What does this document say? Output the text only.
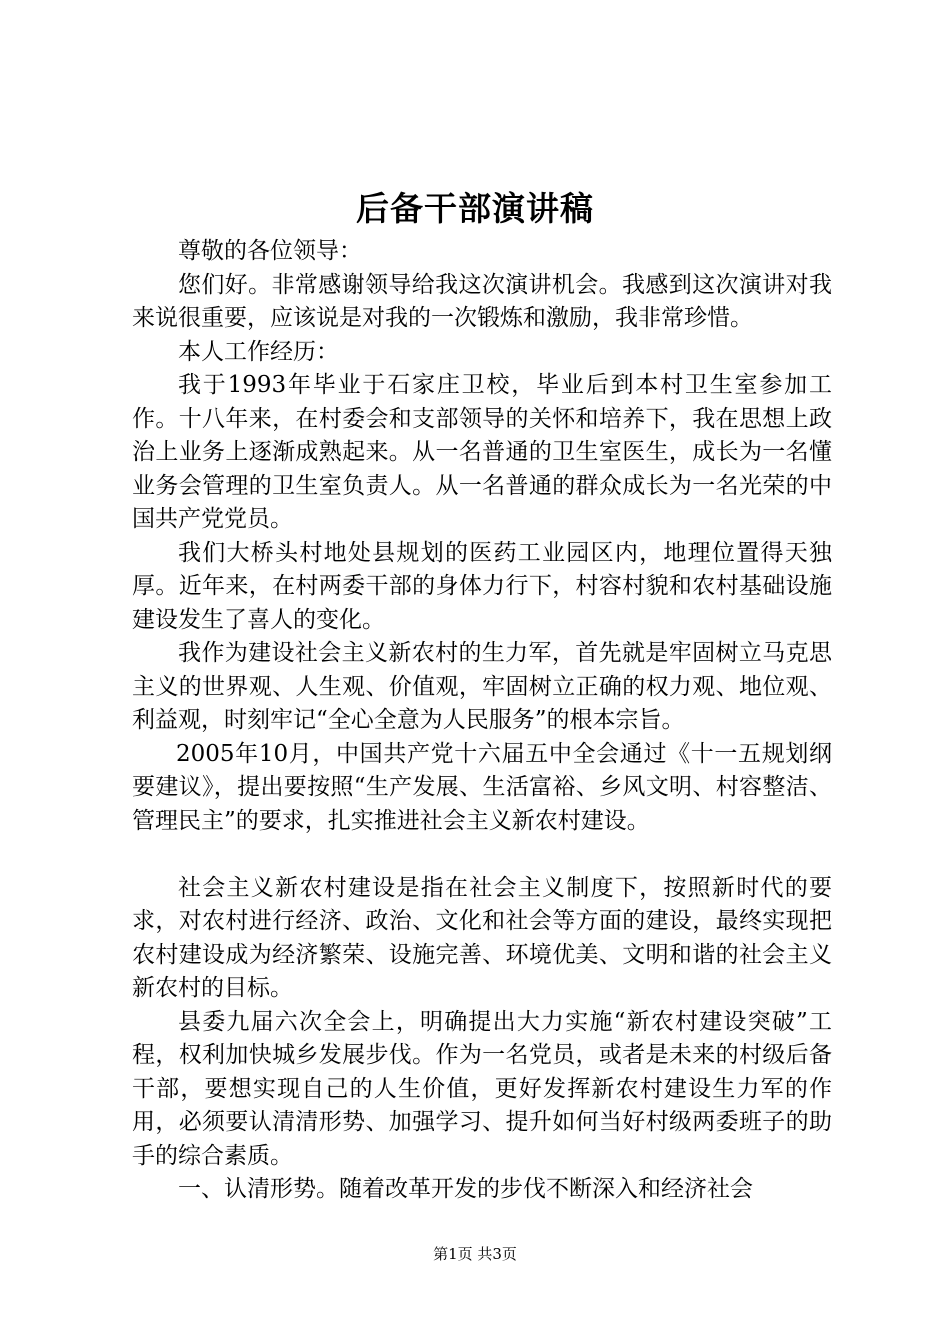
后备干部演讲稿

尊敬的各位领导：

您们好。非常感谢领导给我这次演讲机会。我感到这次演讲对我来说很重要，应该说是对我的一次锻炼和激励，我非常珍惜。

本人工作经历：

我于1993年毕业于石家庄卫校，毕业后到本村卫生室参加工作。十八年来，在村委会和支部领导的关怀和培养下，我在思想上政治上业务上逐渐成熟起来。从一名普通的卫生室医生，成长为一名懂业务会管理的卫生室负责人。从一名普通的群众成长为一名光荣的中国共产党党员。

我们大桥头村地处县规划的医药工业园区内，地理位置得天独厚。近年来，在村两委干部的身体力行下，村容村貌和农村基础设施建设发生了喜人的变化。

我作为建设社会主义新农村的生力军，首先就是牢固树立马克思主义的世界观、人生观、价值观，牢固树立正确的权力观、地位观、利益观，时刻牢记“全心全意为人民服务”的根本宗旨。

2005年10月，中国共产党十六届五中全会通过《十一五规划纲要建议》，提出要按照“生产发展、生活富裕、乡风文明、村容整洁、管理民主”的要求，扎实推进社会主义新农村建设。

社会主义新农村建设是指在社会主义制度下，按照新时代的要求，对农村进行经济、政治、文化和社会等方面的建设，最终实现把农村建设成为经济繁荣、设施完善、环境优美、文明和谐的社会主义新农村的目标。

县委九届六次全会上，明确提出大力实施“新农村建设突破”工程，权利加快城乡发展步伐。作为一名党员，或者是未来的村级后备干部，要想实现自己的人生价值，更好发挥新农村建设生力军的作用，必须要认清清形势、加强学习、提升如何当好村级两委班子的助手的综合素质。

一、认清形势。随着改革开发的步伐不断深入和经济社会

第1页 共3页
